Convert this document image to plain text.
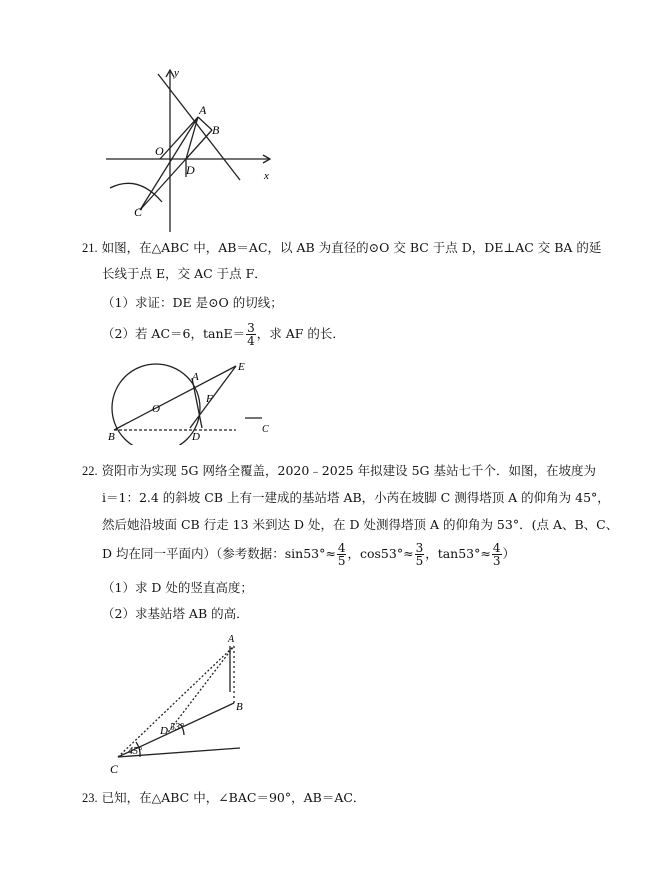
y
A
B
O
D	x
C
21. 如图，在△ABC 中，AB＝AC，以 AB 为直径的⊙O 交 BC 于点 D，DE⊥AC 交 BA 的延
长线于点 E，交 AC 于点 F．
（1）求证：DE 是⊙O 的切线；
（2）若 AC＝6，$\tan E= \frac{3}{4}$ ，求 AF 的长．
E
A
F
O
B	D
C
22. 资阳市为实现 5G 网络全覆盖，2020﹣2025 年拟建设 5G 基站七千个．如图，在坡度为
i＝1：2.4 的斜坡 CB 上有一建成的基站塔 AB，小芮在坡脚 C 测得塔顶 A 的仰角为 45°，
然后她沿坡面 CB 行走 13 米到达 D 处，在 D 处测得塔顶 A 的仰角为 53°．(点 A、B、C、
D 均在同一平面内）（参考数据：$\sin 53^\circ\approx \frac{4}{5}$ ，$\cos 53^\circ\approx \frac{3}{5}$ ，$\tan 53^\circ\approx \frac{4}{3}$ ）
（1）求 D 处的竖直高度；
（2）求基站塔 AB 的高．
A
B
D
C
53°
45°
23. 已知，在△ABC 中，∠BAC＝90°，AB＝AC．
